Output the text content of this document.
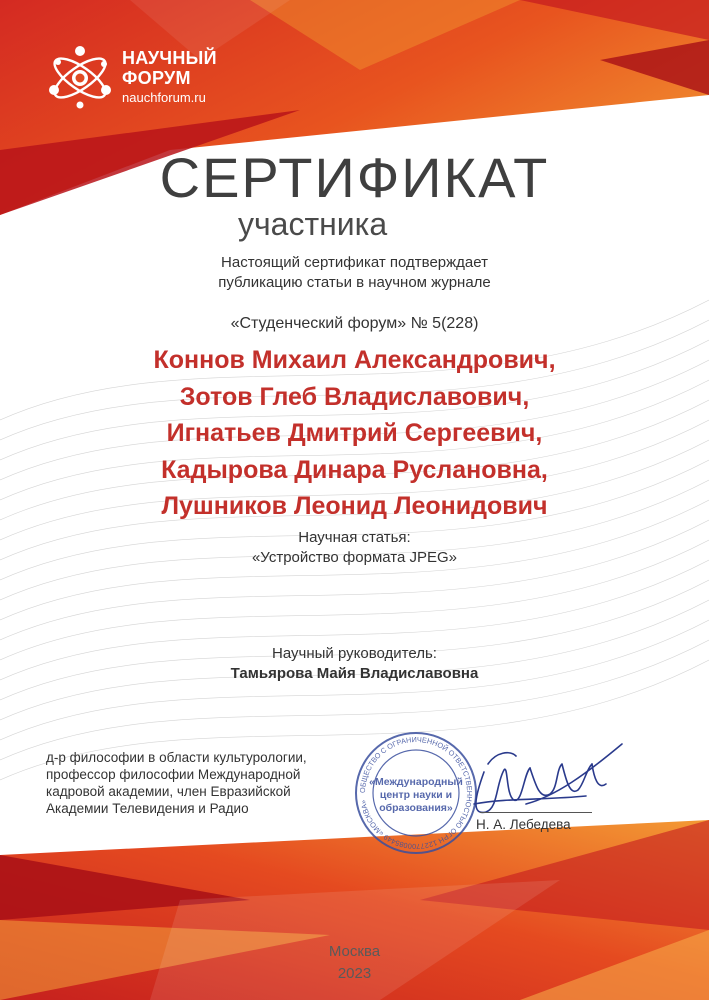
НАУЧНЫЙ
ФОРУМ
nauchforum.ru
СЕРТИФИКАТ
участника
Настоящий сертификат подтверждает
публикацию статьи в научном журнале
«Студенческий форум» № 5(228)
Коннов Михаил Александрович,
Зотов Глеб Владиславович,
Игнатьев Дмитрий Сергеевич,
Кадырова Динара Руслановна,
Лушников Леонид Леонидович
Научная статья:
«Устройство формата JPEG»
Научный руководитель:
Тамьярова Майя Владиславовна
д-р философии в области культурологии,
профессор философии Международной
кадровой академии, член Евразийской
Академии Телевидения и Радио
ОБЩЕСТВО С ОГРАНИЧЕННОЙ ОТВЕТСТВЕННОСТЬЮ ОГРН 1227700085449 «МОСКВА»
«Международный
центр науки и
образования»
Н. А. Лебедева
Москва
2023
